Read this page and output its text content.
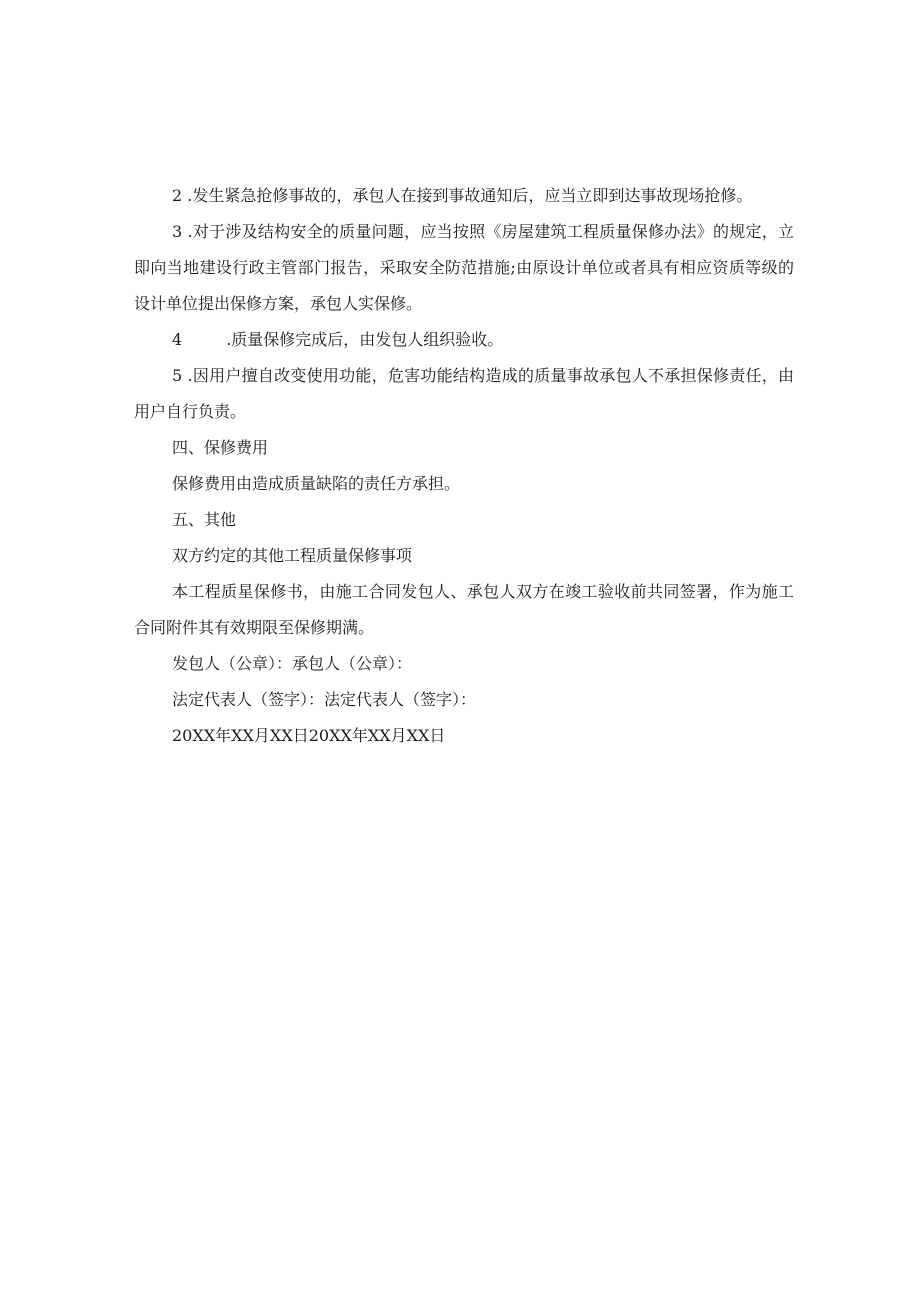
2 .发生紧急抢修事故的，承包人在接到事故通知后，应当立即到达事故现场抢修。

3 .对于涉及结构安全的质量问题，应当按照《房屋建筑工程质量保修办法》的规定，立即向当地建设行政主管部门报告，采取安全防范措施;由原设计单位或者具有相应资质等级的设计单位提出保修方案，承包人实保修。

4	.质量保修完成后，由发包人组织验收。

5 .因用户擅自改变使用功能，危害功能结构造成的质量事故承包人不承担保修责任，由用户自行负责。

四、保修费用

保修费用由造成质量缺陷的责任方承担。

五、其他

双方约定的其他工程质量保修事项

本工程质星保修书，由施工合同发包人、承包人双方在竣工验收前共同签署，作为施工合同附件其有效期限至保修期满。

发包人（公章）：承包人（公章）：

法定代表人（签字）：法定代表人（签字）：

20XX年XX月XX日20XX年XX月XX日
